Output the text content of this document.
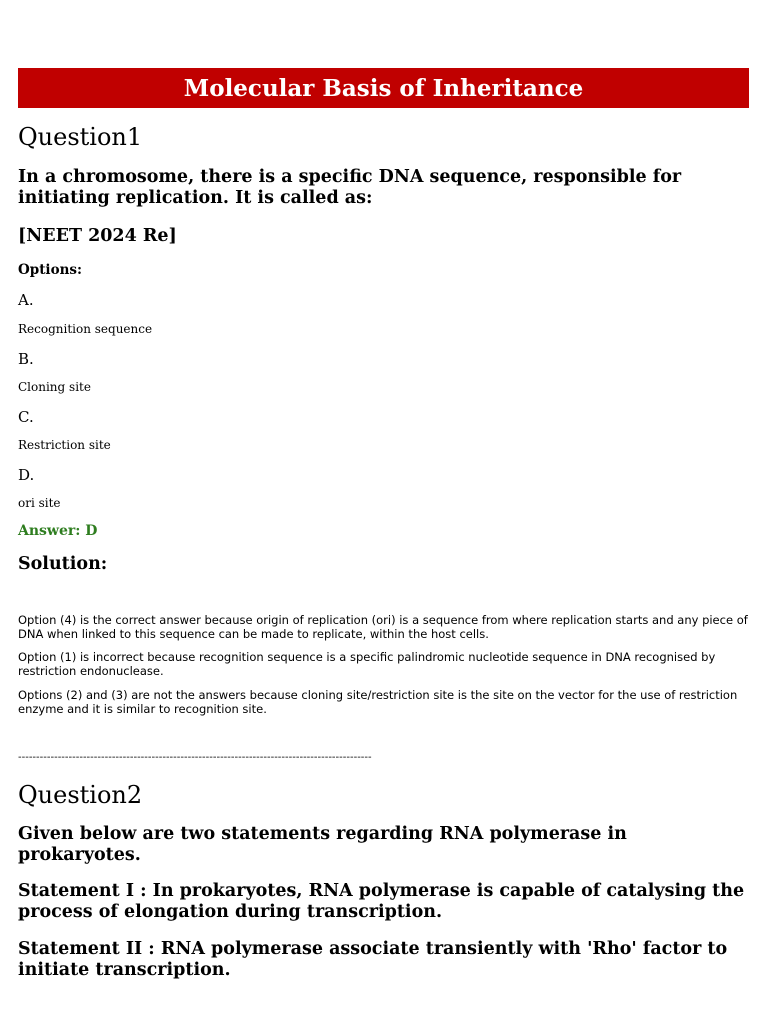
Molecular Basis of Inheritance
Question1
In a chromosome, there is a specific DNA sequence, responsible for initiating replication. It is called as:
[NEET 2024 Re]
Options:
A.
Recognition sequence
B.
Cloning site
C.
Restriction site
D.
ori site
Answer: D
Solution:
Option (4) is the correct answer because origin of replication (ori) is a sequence from where replication starts and any piece of DNA when linked to this sequence can be made to replicate, within the host cells.
Option (1) is incorrect because recognition sequence is a specific palindromic nucleotide sequence in DNA recognised by restriction endonuclease.
Options (2) and (3) are not the answers because cloning site/restriction site is the site on the vector for the use of restriction enzyme and it is similar to recognition site.
--------------------------------------------------------------------------------------------------
Question2
Given below are two statements regarding RNA polymerase in prokaryotes.
Statement I : In prokaryotes, RNA polymerase is capable of catalysing the process of elongation during transcription.
Statement II : RNA polymerase associate transiently with 'Rho' factor to initiate transcription.
